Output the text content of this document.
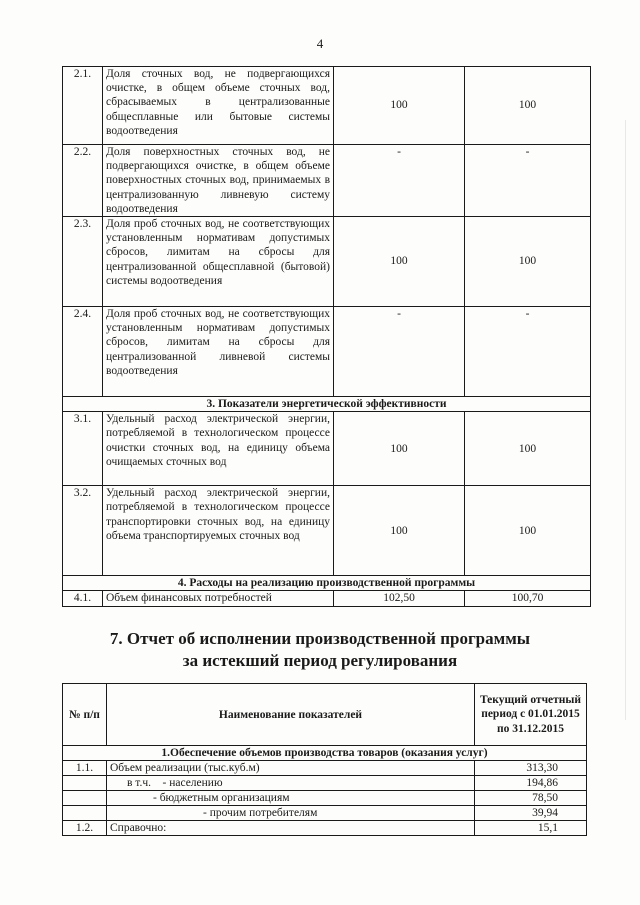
4
2.1.	Доля сточных вод, не подвергающихся очистке, в общем объеме сточных вод, сбрасываемых в централизованные общесплавные или бытовые системы водоотведения	100	100
2.2.	Доля поверхностных сточных вод, не подвергающихся очистке, в общем объеме поверхностных сточных вод, принимаемых в централизованную ливневую систему водоотведения	-	-
2.3.	Доля проб сточных вод, не соответствующих установленным нормативам допустимых сбросов, лимитам на сбросы для централизованной общесплавной (бытовой) системы водоотведения	100	100
2.4.	Доля проб сточных вод, не соответствующих установленным нормативам допустимых сбросов, лимитам на сбросы для централизованной ливневой системы водоотведения	-	-
3. Показатели энергетической эффективности			
3.1.	Удельный расход электрической энергии, потребляемой в технологическом процессе очистки сточных вод, на единицу объема очищаемых сточных вод	100	100
3.2.	Удельный расход электрической энергии, потребляемой в технологическом процессе транспортировки сточных вод, на единицу объема транспортируемых сточных вод	100	100
4. Расходы на реализацию производственной программы			
4.1.	Объем финансовых потребностей	102,50	100,70
7. Отчет об исполнении производственной программы
за истекший период регулирования
№ п/п	Наименование показателей	Текущий отчетный период с 01.01.2015 по 31.12.2015
1.Обеспечение объемов производства товаров (оказания услуг)		
1.1.	Объем реализации (тыс.куб.м)	313,30
	в т.ч.    - населению	194,86
	- бюджетным организациям	78,50
	- прочим потребителям	39,94
1.2.	Справочно:	15,1
